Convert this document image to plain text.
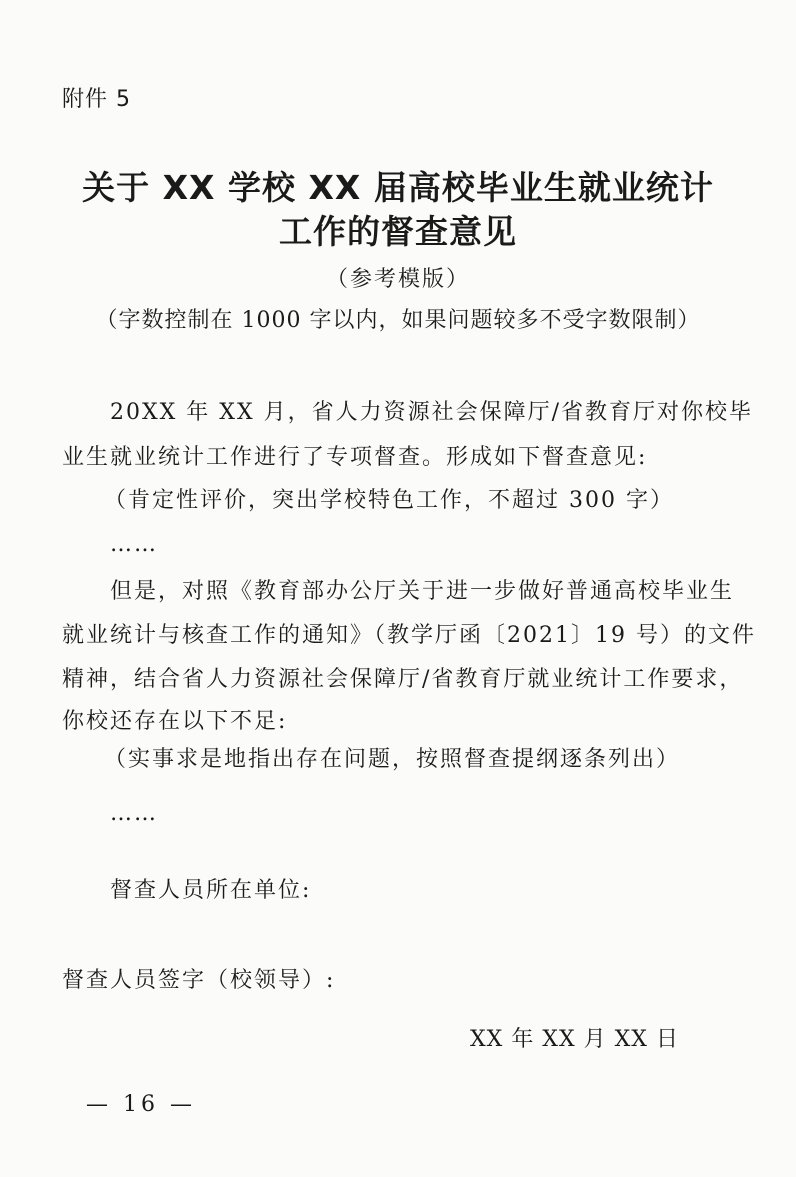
附件 5
关于 XX 学校 XX 届高校毕业生就业统计
工作的督查意见
（参考模版）
（字数控制在 1000 字以内，如果问题较多不受字数限制）
20XX 年 XX 月，省人力资源社会保障厅/省教育厅对你校毕
业生就业统计工作进行了专项督查。形成如下督查意见:
（肯定性评价，突出学校特色工作，不超过 300 字）
……
但是，对照《教育部办公厅关于进一步做好普通高校毕业生
就业统计与核查工作的通知》（教学厅函〔2021〕19 号）的文件
精神，结合省人力资源社会保障厅/省教育厅就业统计工作要求，
你校还存在以下不足:
（实事求是地指出存在问题，按照督查提纲逐条列出）
……
督查人员所在单位:
督查人员签字（校领导）:
XX 年 XX 月 XX 日
— 16 —
